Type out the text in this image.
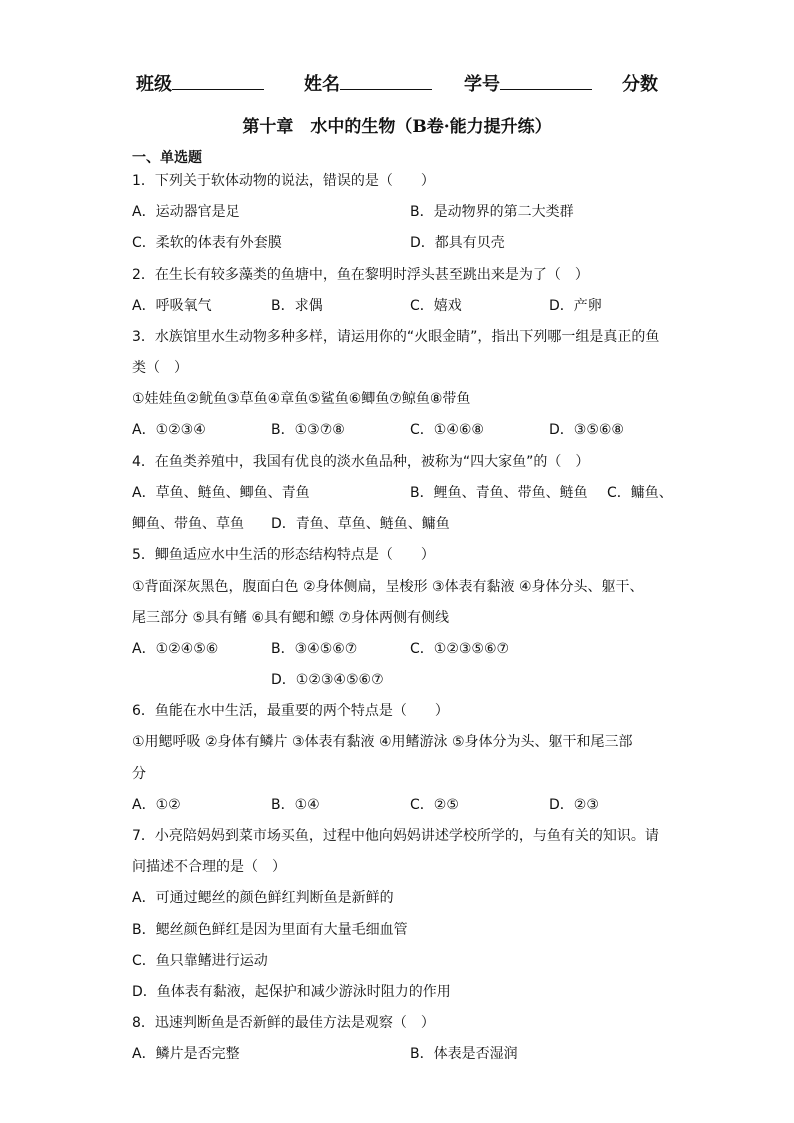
班级	姓名	学号	分数
第十章　水中的生物（B卷·能力提升练）
一、单选题
1．下列关于软体动物的说法，错误的是（　　）
A．运动器官是足	B．是动物界的第二大类群
C．柔软的体表有外套膜	D．都具有贝壳
2．在生长有较多藻类的鱼塘中，鱼在黎明时浮头甚至跳出来是为了（　）
A．呼吸氧气	B．求偶	C．嬉戏	D．产卵
3．水族馆里水生动物多种多样，请运用你的“火眼金睛”，指出下列哪一组是真正的鱼
类（　）
①娃娃鱼②鱿鱼③草鱼④章鱼⑤鲨鱼⑥鲫鱼⑦鲸鱼⑧带鱼
A．①②③④	B．①③⑦⑧	C．①④⑥⑧	D．③⑤⑥⑧
4．在鱼类养殖中，我国有优良的淡水鱼品种，被称为“四大家鱼”的（　）
A．草鱼、鲢鱼、鲫鱼、青鱼	B．鲤鱼、青鱼、带鱼、鲢鱼 C．鳙鱼、
鲫鱼、带鱼、草鱼 D．青鱼、草鱼、鲢鱼、鳙鱼
5．鲫鱼适应水中生活的形态结构特点是（　　）
①背面深灰黑色，腹面白色 ②身体侧扁，呈梭形 ③体表有黏液 ④身体分头、躯干、
尾三部分 ⑤具有鳍 ⑥具有鳃和鳔 ⑦身体两侧有侧线
A．①②④⑤⑥	B．③④⑤⑥⑦	C．①②③⑤⑥⑦
D．①②③④⑤⑥⑦
6．鱼能在水中生活，最重要的两个特点是（　　）
①用鳃呼吸 ②身体有鳞片 ③体表有黏液 ④用鳍游泳 ⑤身体分为头、躯干和尾三部
分
A．①②	B．①④	C．②⑤	D．②③
7．小亮陪妈妈到菜市场买鱼，过程中他向妈妈讲述学校所学的，与鱼有关的知识。请
问描述不合理的是（　）
A．可通过鳃丝的颜色鲜红判断鱼是新鲜的
B．鳃丝颜色鲜红是因为里面有大量毛细血管
C．鱼只靠鳍进行运动
D．鱼体表有黏液，起保护和减少游泳时阻力的作用
8．迅速判断鱼是否新鲜的最佳方法是观察（　）
A．鳞片是否完整	B．体表是否湿润
